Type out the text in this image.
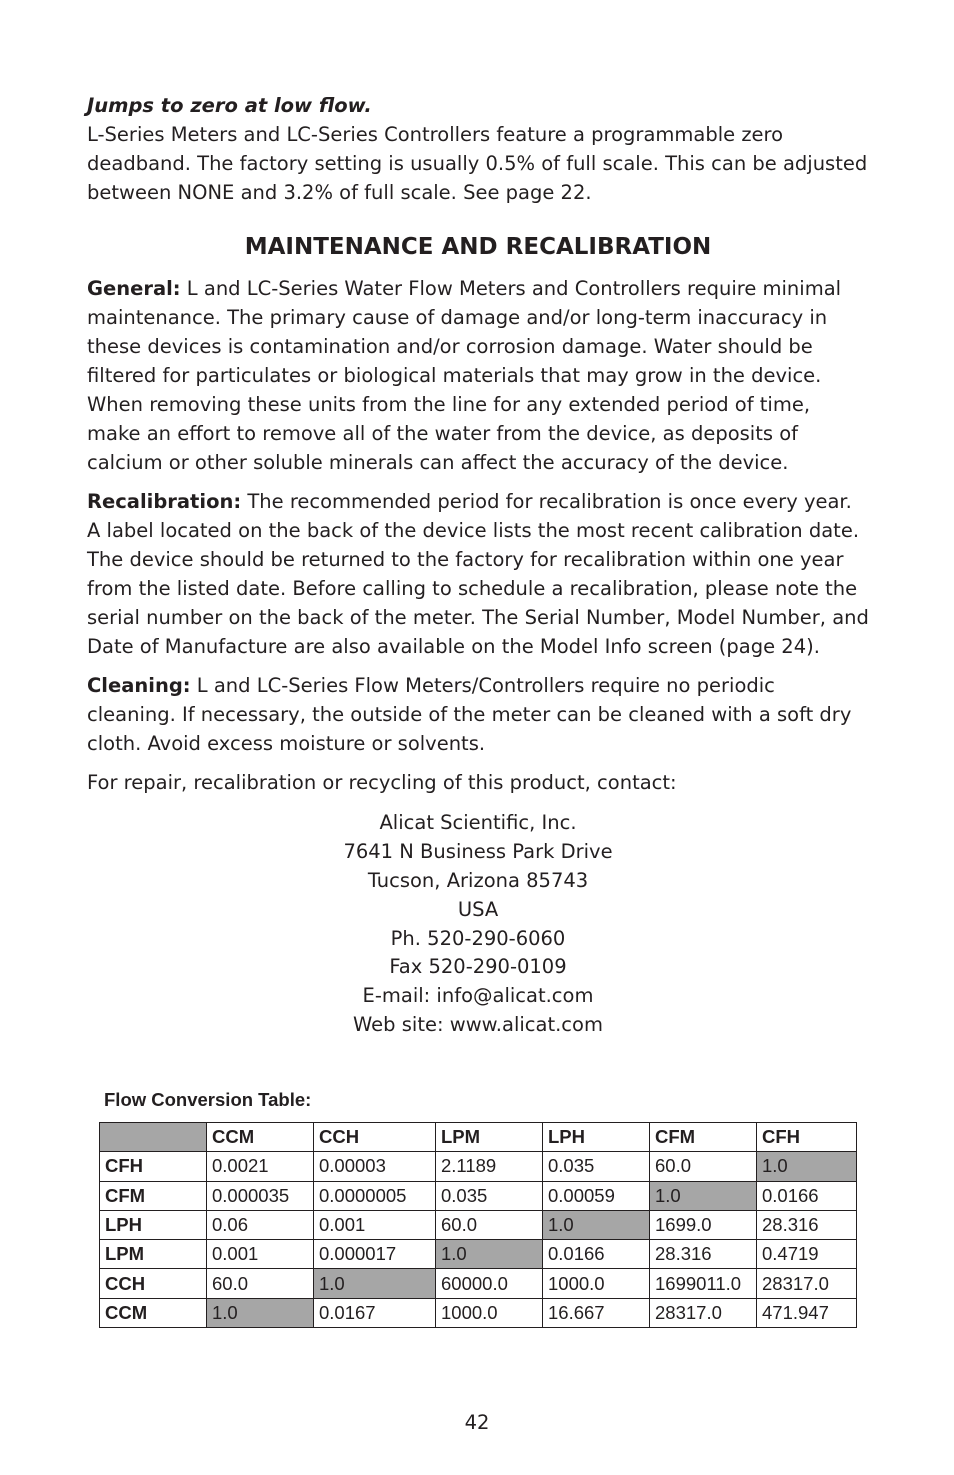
Jumps to zero at low flow.

L-Series Meters and LC-Series Controllers feature a programmable zero deadband. The factory setting is usually 0.5% of full scale. This can be adjusted between NONE and 3.2% of full scale. See page 22.

MAINTENANCE AND RECALIBRATION
General: L and LC-Series Water Flow Meters and Controllers require minimal maintenance. The primary cause of damage and/or long-term inaccuracy in these devices is contamination and/or corrosion damage. Water should be filtered for particulates or biological materials that may grow in the device. When removing these units from the line for any extended period of time, make an effort to remove all of the water from the device, as deposits of calcium or other soluble minerals can affect the accuracy of the device.
Recalibration: The recommended period for recalibration is once every year. A label located on the back of the device lists the most recent calibration date. The device should be returned to the factory for recalibration within one year from the listed date. Before calling to schedule a recalibration, please note the serial number on the back of the meter. The Serial Number, Model Number, and Date of Manufacture are also available on the Model Info screen (page 24).
Cleaning: L and LC-Series Flow Meters/Controllers require no periodic cleaning. If necessary, the outside of the meter can be cleaned with a soft dry cloth. Avoid excess moisture or solvents.
For repair, recalibration or recycling of this product, contact:
Alicat Scientific, Inc.
7641 N Business Park Drive
Tucson, Arizona 85743
USA
Ph. 520-290-6060
Fax 520-290-0109
E-mail: info@alicat.com
Web site: www.alicat.com
Flow Conversion Table:
	CCM	CCH	LPM	LPH	CFM	CFH
CFH	0.0021	0.00003	2.1189	0.035	60.0	1.0
CFM	0.000035	0.0000005	0.035	0.00059	1.0	0.0166
LPH	0.06	0.001	60.0	1.0	1699.0	28.316
LPM	0.001	0.000017	1.0	0.0166	28.316	0.4719
CCH	60.0	1.0	60000.0	1000.0	1699011.0	28317.0
CCM	1.0	0.0167	1000.0	16.667	28317.0	471.947
42
